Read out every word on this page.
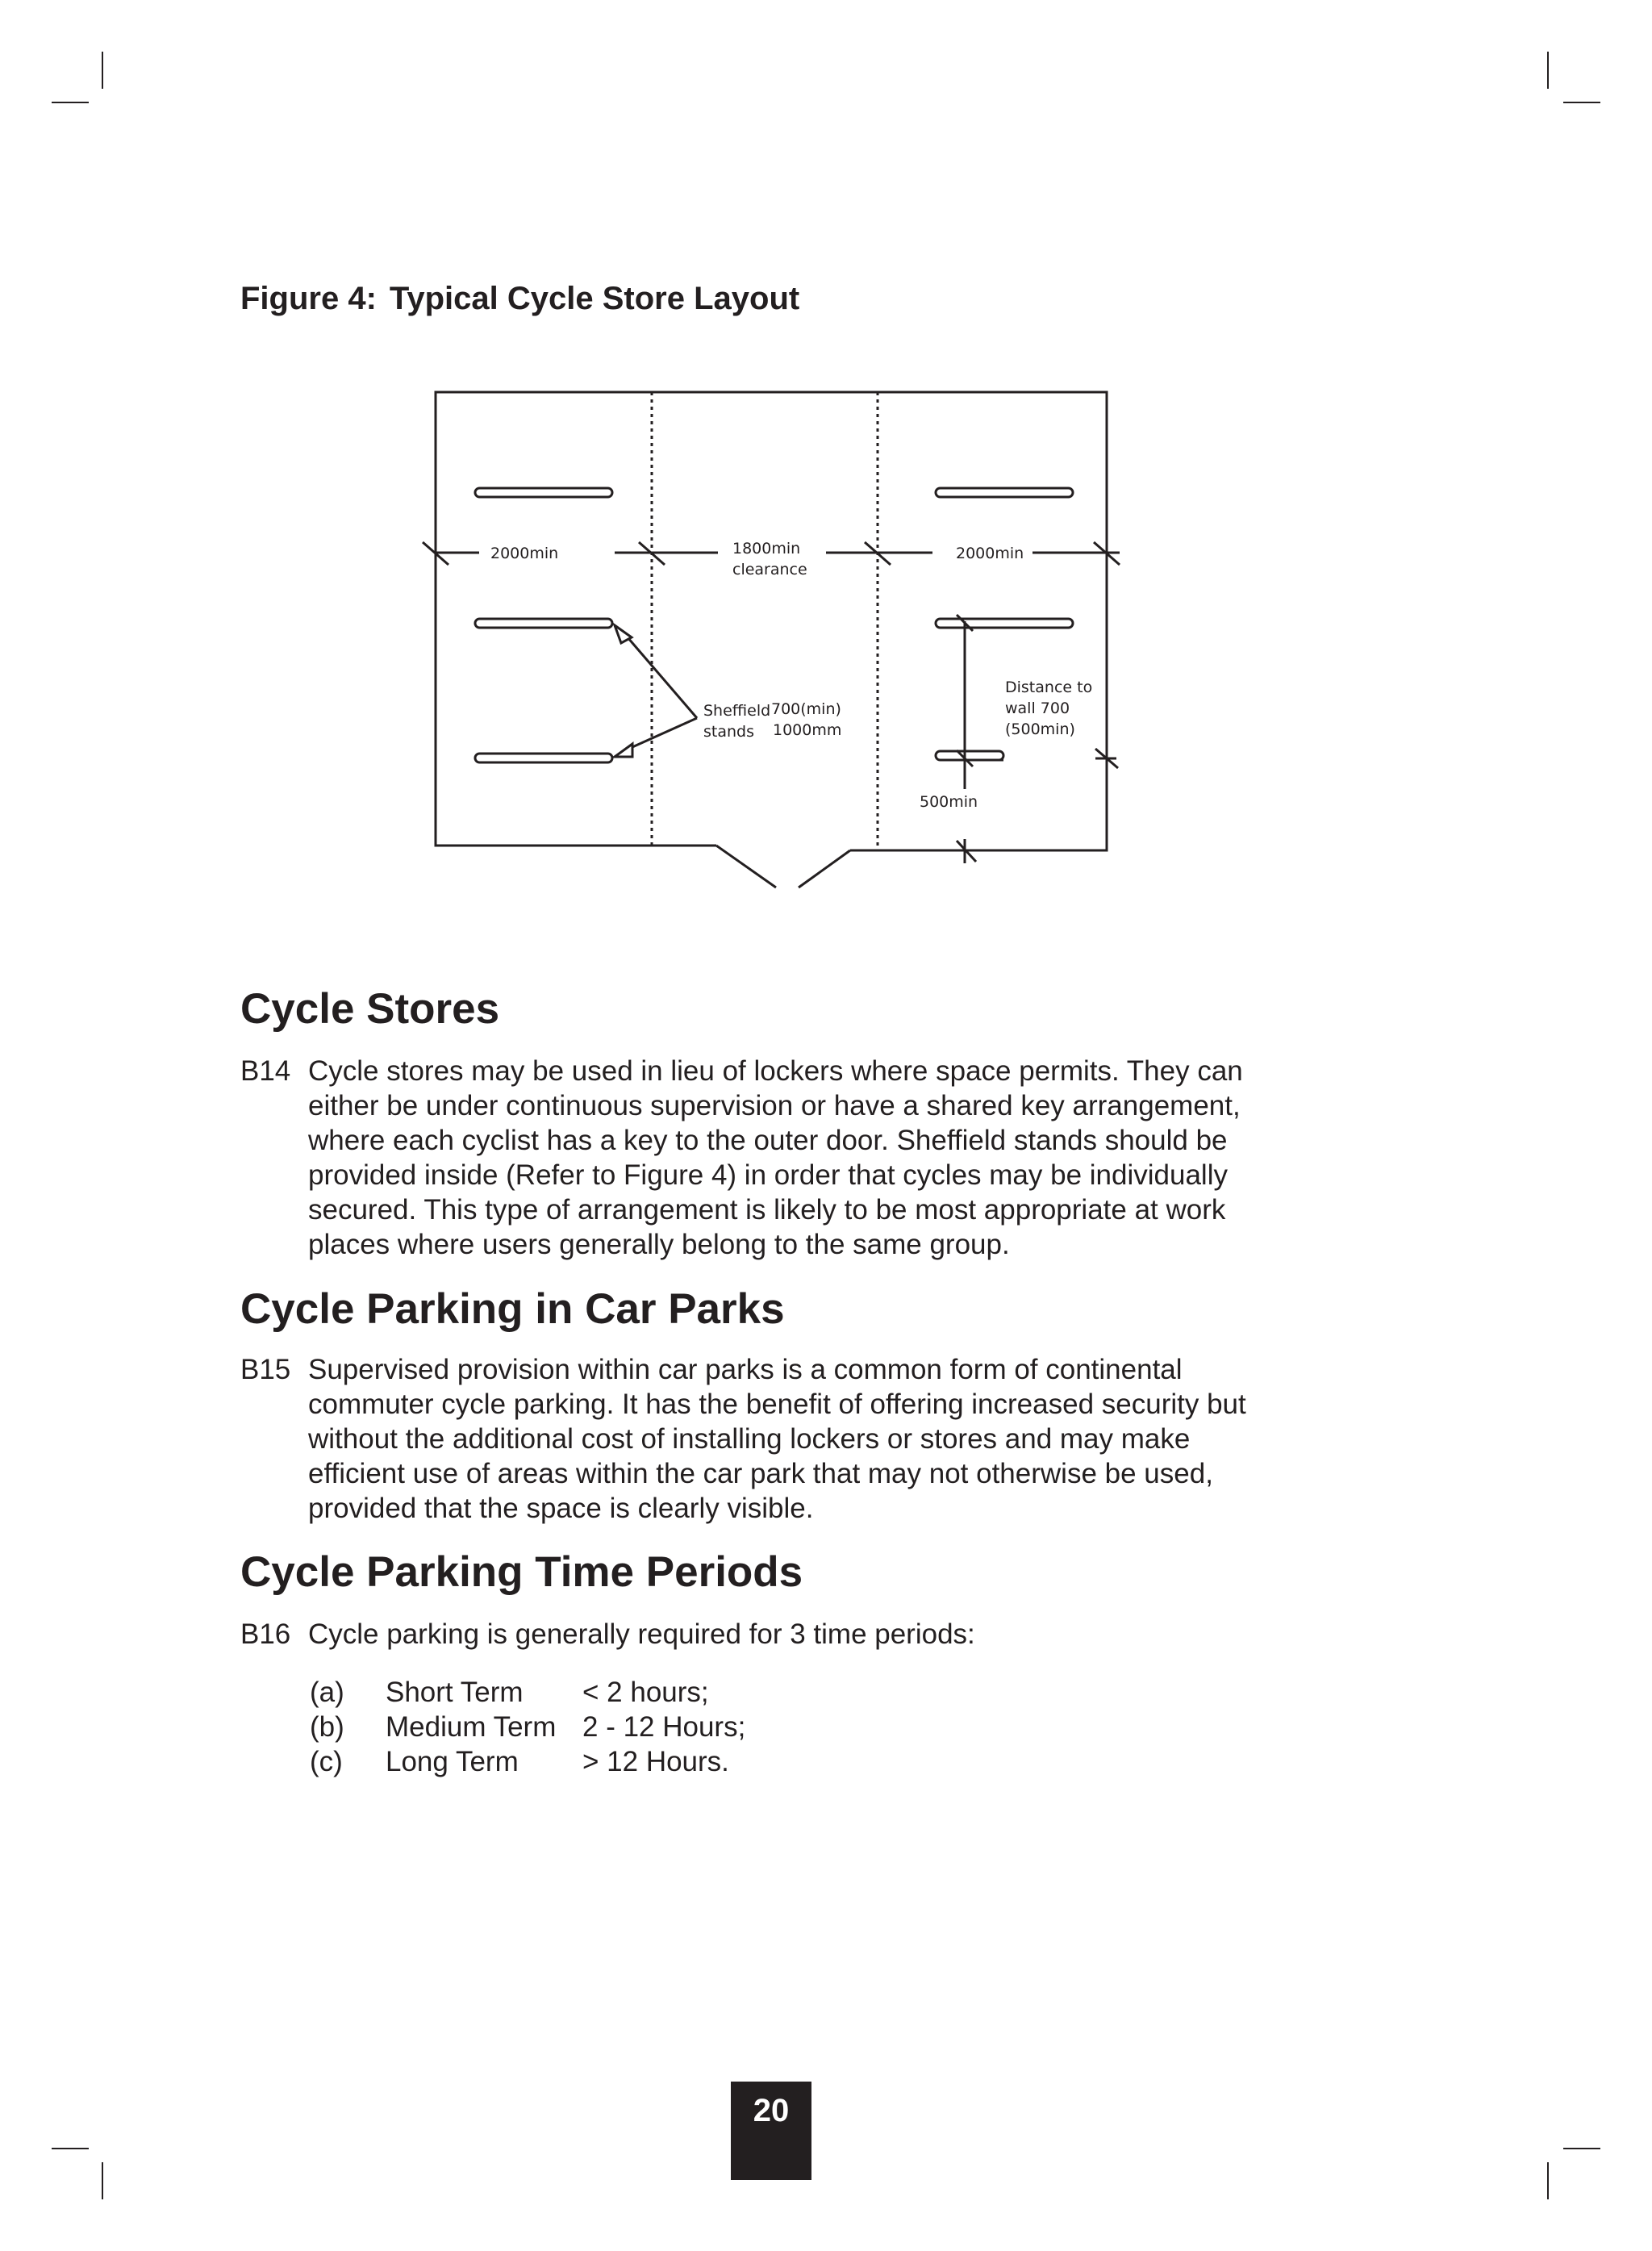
Figure 4: Typical Cycle Store Layout
2000min	1800min
clearance
2000min
Distance to
wall 700
(500min)
Sheffield
stands
700(min)
1000mm
500min
Cycle Stores
B14 Cycle stores may be used in lieu of lockers where space permits. They can either be under continuous supervision or have a shared key arrangement, where each cyclist has a key to the outer door. Sheffield stands should be provided inside (Refer to Figure 4) in order that cycles may be individually secured. This type of arrangement is likely to be most appropriate at work places where users generally belong to the same group.
Cycle Parking in Car Parks
B15 Supervised provision within car parks is a common form of continental commuter cycle parking. It has the benefit of offering increased security but without the additional cost of installing lockers or stores and may make efficient use of areas within the car park that may not otherwise be used, provided that the space is clearly visible.
Cycle Parking Time Periods
B16 Cycle parking is generally required for 3 time periods:
(a)	Short Term	< 2 hours;
(b)	Medium Term 2 - 12 Hours;
(c)	Long Term	> 12 Hours.
20
